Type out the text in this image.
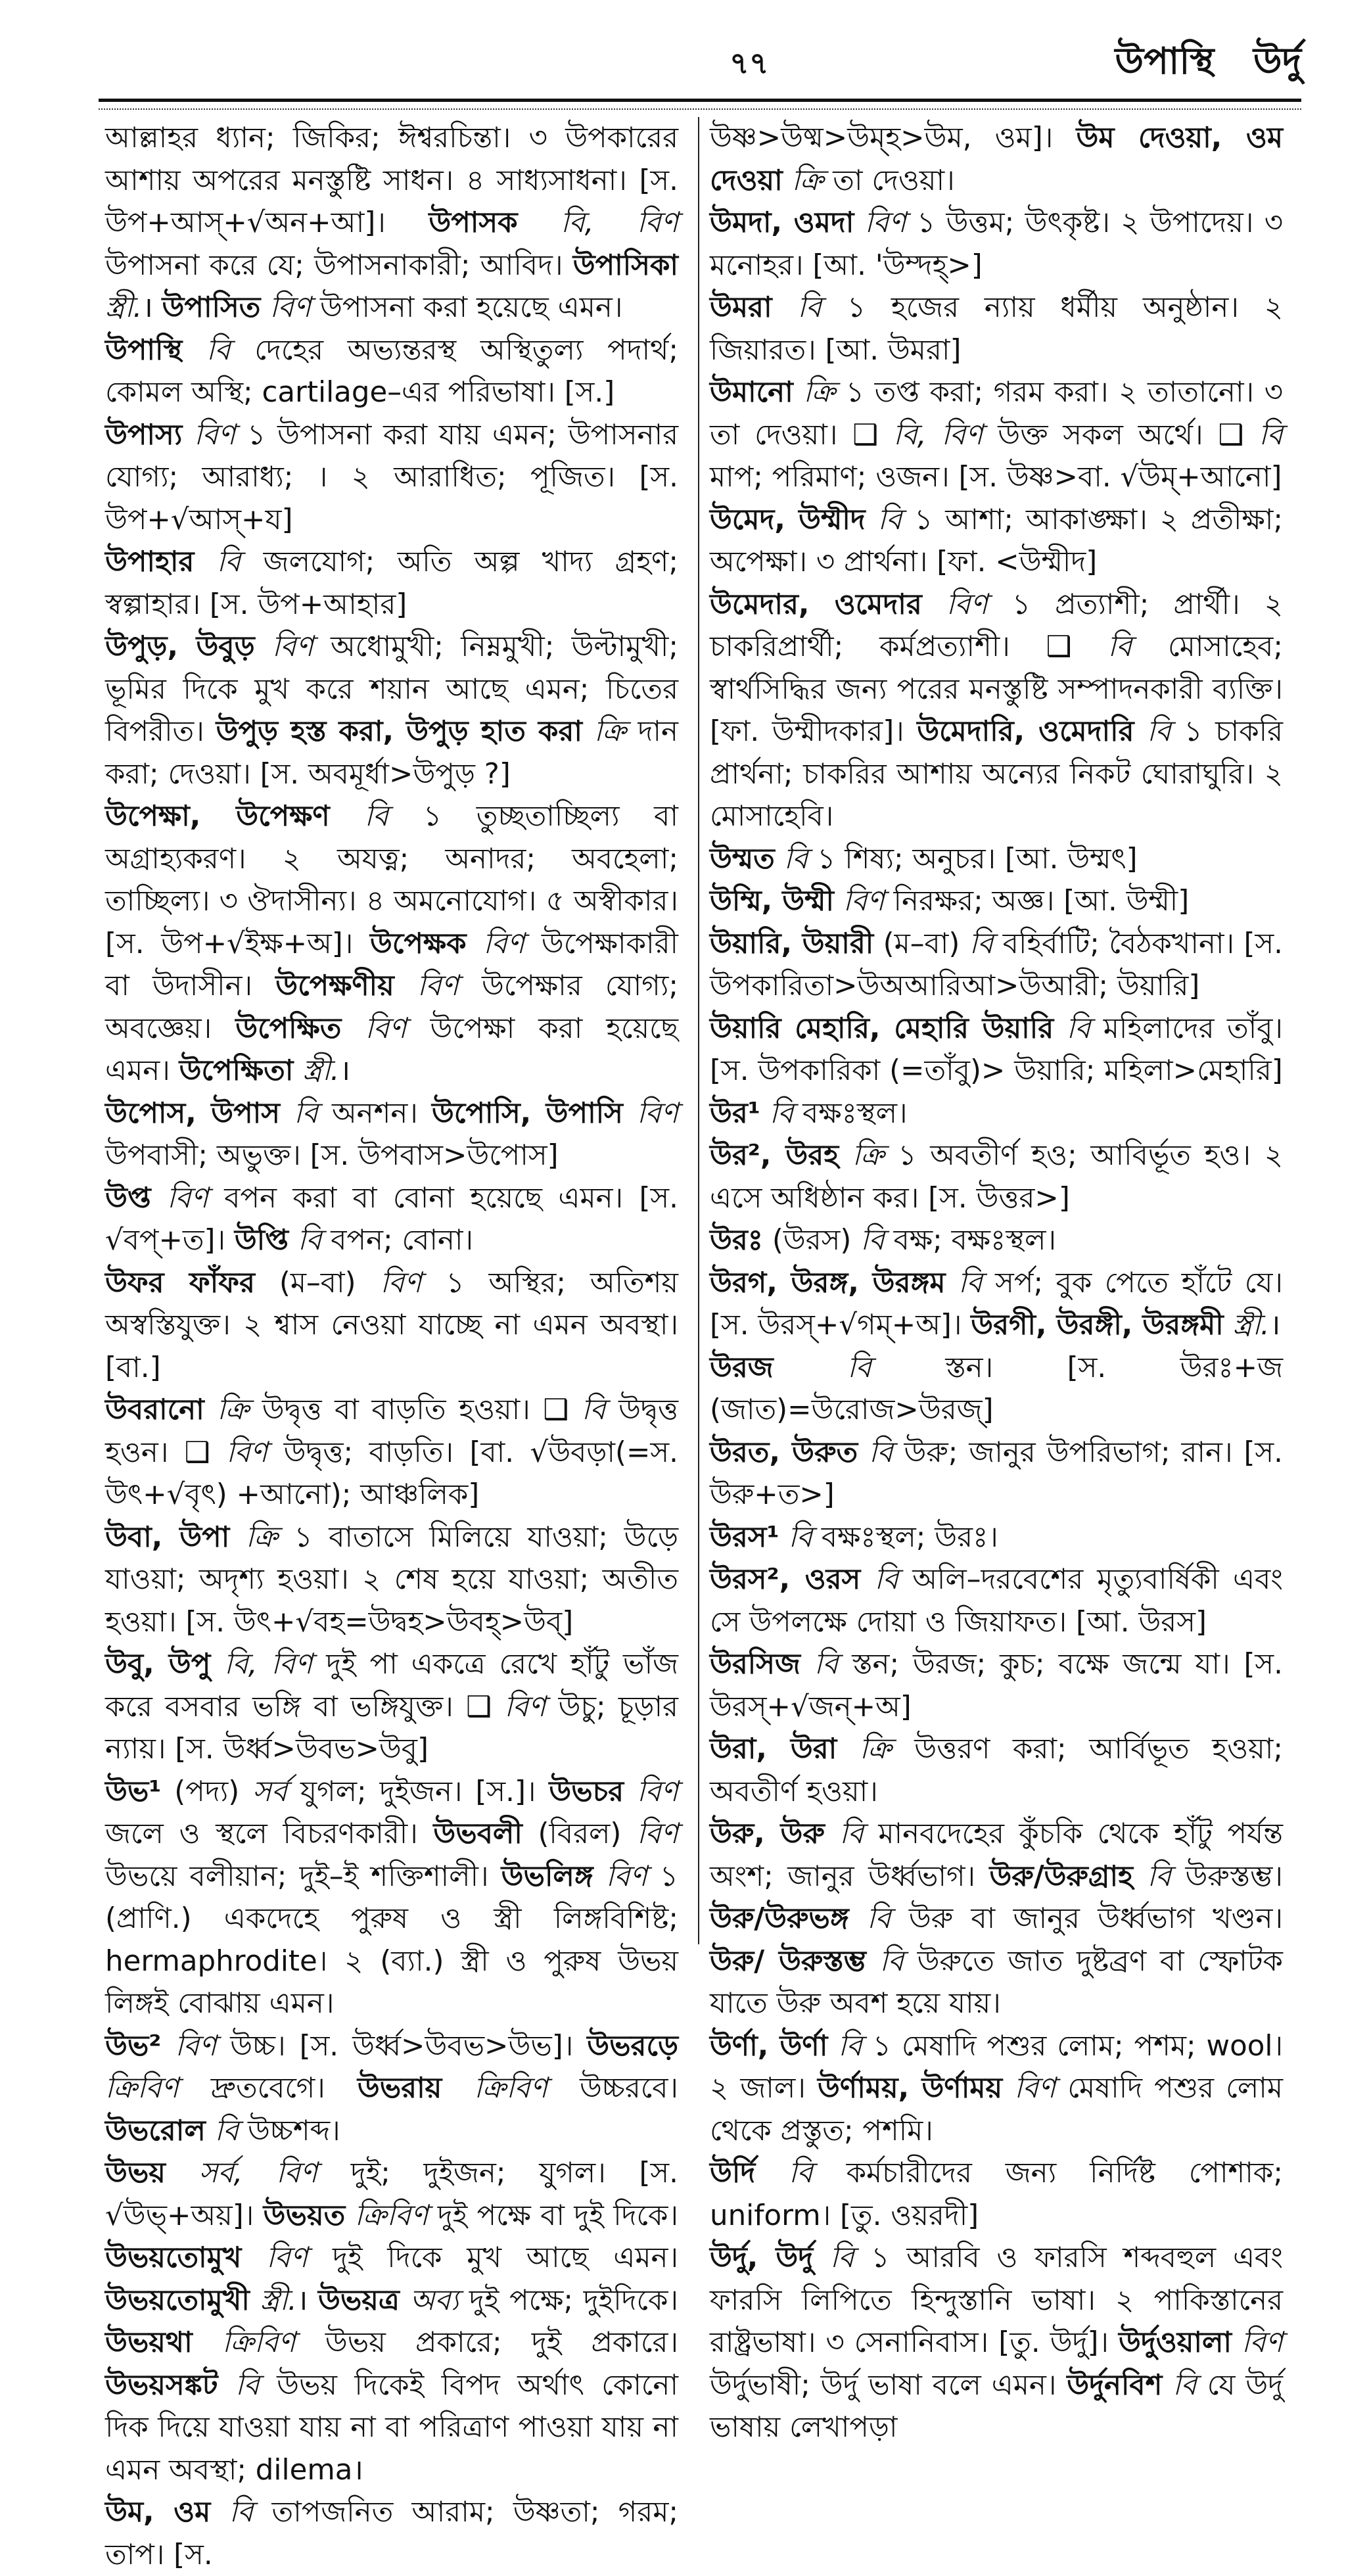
৭৭	উপাস্থি উর্দু

আল্লাহর ধ্যান; জিকির; ঈশ্বরচিন্তা। ৩ উপকারের আশায় অপরের মনস্তুষ্টি সাধন। ৪ সাধ্যসাধনা। [স. উপ+আস্+√অন+আ]। উপাসক বি, বিণ উপাসনা করে যে; উপাসনাকারী; আবিদ। উপাসিকা স্ত্রী.। উপাসিত বিণ উপাসনা করা হয়েছে এমন।

উপাস্থি বি দেহের অভ্যন্তরস্থ অস্থিতুল্য পদার্থ; কোমল অস্থি; cartilage–এর পরিভাষা। [স.]

উপাস্য বিণ ১ উপাসনা করা যায় এমন; উপাসনার যোগ্য; আরাধ্য; । ২ আরাধিত; পূজিত। [স. উপ+√আস্+য]

উপাহার বি জলযোগ; অতি অল্প খাদ্য গ্রহণ; স্বল্পাহার। [স. উপ+আহার]

উপুড়, উবুড় বিণ অধোমুখী; নিম্নমুখী; উল্টামুখী; ভূমির দিকে মুখ করে শয়ান আছে এমন; চিতের বিপরীত। উপুড় হস্ত করা, উপুড় হাত করা ক্রি দান করা; দেওয়া। [স. অবমূর্ধা>উপুড় ?]

উপেক্ষা, উপেক্ষণ বি ১ তুচ্ছতাচ্ছিল্য বা অগ্রাহ্যকরণ। ২ অযত্ন; অনাদর; অবহেলা; তাচ্ছিল্য। ৩ ঔদাসীন্য। ৪ অমনোযোগ। ৫ অস্বীকার। [স. উপ+√ইক্ষ+অ]। উপেক্ষক বিণ উপেক্ষাকারী বা উদাসীন। উপেক্ষণীয় বিণ উপেক্ষার যোগ্য; অবজ্ঞেয়। উপেক্ষিত বিণ উপেক্ষা করা হয়েছে এমন। উপেক্ষিতা স্ত্রী.।

উপোস, উপাস বি অনশন। উপোসি, উপাসি বিণ উপবাসী; অভুক্ত। [স. উপবাস>উপোস]

উপ্ত বিণ বপন করা বা বোনা হয়েছে এমন। [স. √বপ্+ত]। উপ্তি বি বপন; বোনা।

উফর ফাঁফর (ম–বা) বিণ ১ অস্থির; অতিশয় অস্বস্তিযুক্ত। ২ শ্বাস নেওয়া যাচ্ছে না এমন অবস্থা। [বা.]

উবরানো ক্রি উদ্বৃত্ত বা বাড়তি হওয়া। ❑ বি উদ্বৃত্ত হওন। ❑ বিণ উদ্বৃত্ত; বাড়তি। [বা. √উবড়া(=স. উৎ+√বৃৎ) +আনো); আঞ্চলিক]

উবা, উপা ক্রি ১ বাতাসে মিলিয়ে যাওয়া; উড়ে যাওয়া; অদৃশ্য হওয়া। ২ শেষ হয়ে যাওয়া; অতীত হওয়া। [স. উৎ+√বহ=উদ্বহ>উবহ্>উব্]

উবু, উপু বি, বিণ দুই পা একত্রে রেখে হাঁটু ভাঁজ করে বসবার ভঙ্গি বা ভঙ্গিযুক্ত। ❑ বিণ উচু; চূড়ার ন্যায়। [স. উর্ধ্ব>উবভ>উবু]

উভ¹ (পদ্য) সর্ব যুগল; দুইজন। [স.]। উভচর বিণ জলে ও স্থলে বিচরণকারী। উভবলী (বিরল) বিণ উভয়ে বলীয়ান; দুই–ই শক্তিশালী। উভলিঙ্গ বিণ ১ (প্রাণি.) একদেহে পুরুষ ও স্ত্রী লিঙ্গবিশিষ্ট; hermaphrodite। ২ (ব্যা.) স্ত্রী ও পুরুষ উভয় লিঙ্গই বোঝায় এমন।

উভ² বিণ উচ্চ। [স. উর্ধ্ব>উবভ>উভ]। উভরড়ে ক্রিবিণ দ্রুতবেগে। উভরায় ক্রিবিণ উচ্চরবে। উভরোল বি উচ্চশব্দ।

উভয় সর্ব, বিণ দুই; দুইজন; যুগল। [স. √উভ্+অয়]। উভয়ত ক্রিবিণ দুই পক্ষে বা দুই দিকে। উভয়তোমুখ বিণ দুই দিকে মুখ আছে এমন। উভয়তোমুখী স্ত্রী.। উভয়ত্র অব্য দুই পক্ষে; দুইদিকে। উভয়থা ক্রিবিণ উভয় প্রকারে; দুই প্রকারে। উভয়সঙ্কট বি উভয় দিকেই বিপদ অর্থাৎ কোনো দিক দিয়ে যাওয়া যায় না বা পরিত্রাণ পাওয়া যায় না এমন অবস্থা; dilema।

উম, ওম বি তাপজনিত আরাম; উষ্ণতা; গরম; তাপ। [স.

উষ্ণ>উষ্ম>উম্হ>উম, ওম]। উম দেওয়া, ওম দেওয়া ক্রি তা দেওয়া।

উমদা, ওমদা বিণ ১ উত্তম; উৎকৃষ্ট। ২ উপাদেয়। ৩ মনোহর। [আ. 'উম্দহ্>]

উমরা বি ১ হজের ন্যায় ধর্মীয় অনুষ্ঠান। ২ জিয়ারত। [আ. উমরা]

উমানো ক্রি ১ তপ্ত করা; গরম করা। ২ তাতানো। ৩ তা দেওয়া। ❑ বি, বিণ উক্ত সকল অর্থে। ❑ বি মাপ; পরিমাণ; ওজন। [স. উষ্ণ>বা. √উম্+আনো]

উমেদ, উম্মীদ বি ১ আশা; আকাঙ্ক্ষা। ২ প্রতীক্ষা; অপেক্ষা। ৩ প্রার্থনা। [ফা. <উম্মীদ]

উমেদার, ওমেদার বিণ ১ প্রত্যাশী; প্রার্থী। ২ চাকরিপ্রার্থী; কর্মপ্রত্যাশী। ❑ বি মোসাহেব; স্বার্থসিদ্ধির জন্য পরের মনস্তুষ্টি সম্পাদনকারী ব্যক্তি। [ফা. উম্মীদকার]। উমেদারি, ওমেদারি বি ১ চাকরি প্রার্থনা; চাকরির আশায় অন্যের নিকট ঘোরাঘুরি। ২ মোসাহেবি।

উম্মত বি ১ শিষ্য; অনুচর। [আ. উম্মৎ]

উম্মি, উম্মী বিণ নিরক্ষর; অজ্ঞ। [আ. উম্মী]

উয়ারি, উয়ারী (ম–বা) বি বহির্বাটি; বৈঠকখানা। [স. উপকারিতা>উঅআরিআ>উআরী; উয়ারি]

উয়ারি মেহারি, মেহারি উয়ারি বি মহিলাদের তাঁবু। [স. উপকারিকা (=তাঁবু)> উয়ারি; মহিলা>মেহারি]

উর¹ বি বক্ষঃস্থল।

উর², উরহ ক্রি ১ অবতীর্ণ হও; আবির্ভূত হও। ২ এসে অধিষ্ঠান কর। [স. উত্তর>]

উরঃ (উরস) বি বক্ষ; বক্ষঃস্থল।

উরগ, উরঙ্গ, উরঙ্গম বি সর্প; বুক পেতে হাঁটে যে। [স. উরস্+√গম্+অ]। উরগী, উরঙ্গী, উরঙ্গমী স্ত্রী.।

উরজ	বি স্তন। [স. উরঃ+জ (জাত)=উরোজ>উরজ্]

উরত, উরুত বি উরু; জানুর উপরিভাগ; রান। [স. উরু+ত>]

উরস¹ বি বক্ষঃস্থল; উরঃ।

উরস², ওরস বি অলি–দরবেশের মৃত্যুবার্ষিকী এবং সে উপলক্ষে দোয়া ও জিয়াফত। [আ. উরস]

উরসিজ বি স্তন; উরজ; কুচ; বক্ষে জন্মে যা। [স. উরস্+√জন্+অ]

উরা, উরা ক্রি উত্তরণ করা; আর্বিভূত হওয়া; অবতীর্ণ হওয়া।

উরু, উরু বি মানবদেহের কুঁচকি থেকে হাঁটু পর্যন্ত অংশ; জানুর উর্ধ্বভাগ। উরু/উরুগ্রাহ বি উরুস্তম্ভ। উরু/উরুভঙ্গ বি উরু বা জানুর উর্ধ্বভাগ খণ্ডন। উরু/ উরুস্তম্ভ বি উরুতে জাত দুষ্টব্রণ বা স্ফোটক যাতে উরু অবশ হয়ে যায়।

উর্ণা, উর্ণা বি ১ মেষাদি পশুর লোম; পশম; wool। ২ জাল। উর্ণাময়, উর্ণাময় বিণ মেষাদি পশুর লোম থেকে প্রস্তুত; পশমি।

উর্দি বি কর্মচারীদের জন্য নির্দিষ্ট পোশাক; uniform। [তু. ওয়রদী]

উর্দু, উর্দু বি ১ আরবি ও ফারসি শব্দবহুল এবং ফারসি লিপিতে হিন্দুস্তানি ভাষা। ২ পাকিস্তানের রাষ্ট্রভাষা। ৩ সেনানিবাস। [তু. উর্দু]। উর্দুওয়ালা বিণ উর্দুভাষী; উর্দু ভাষা বলে এমন। উর্দুনবিশ বি যে উর্দু ভাষায় লেখাপড়া
